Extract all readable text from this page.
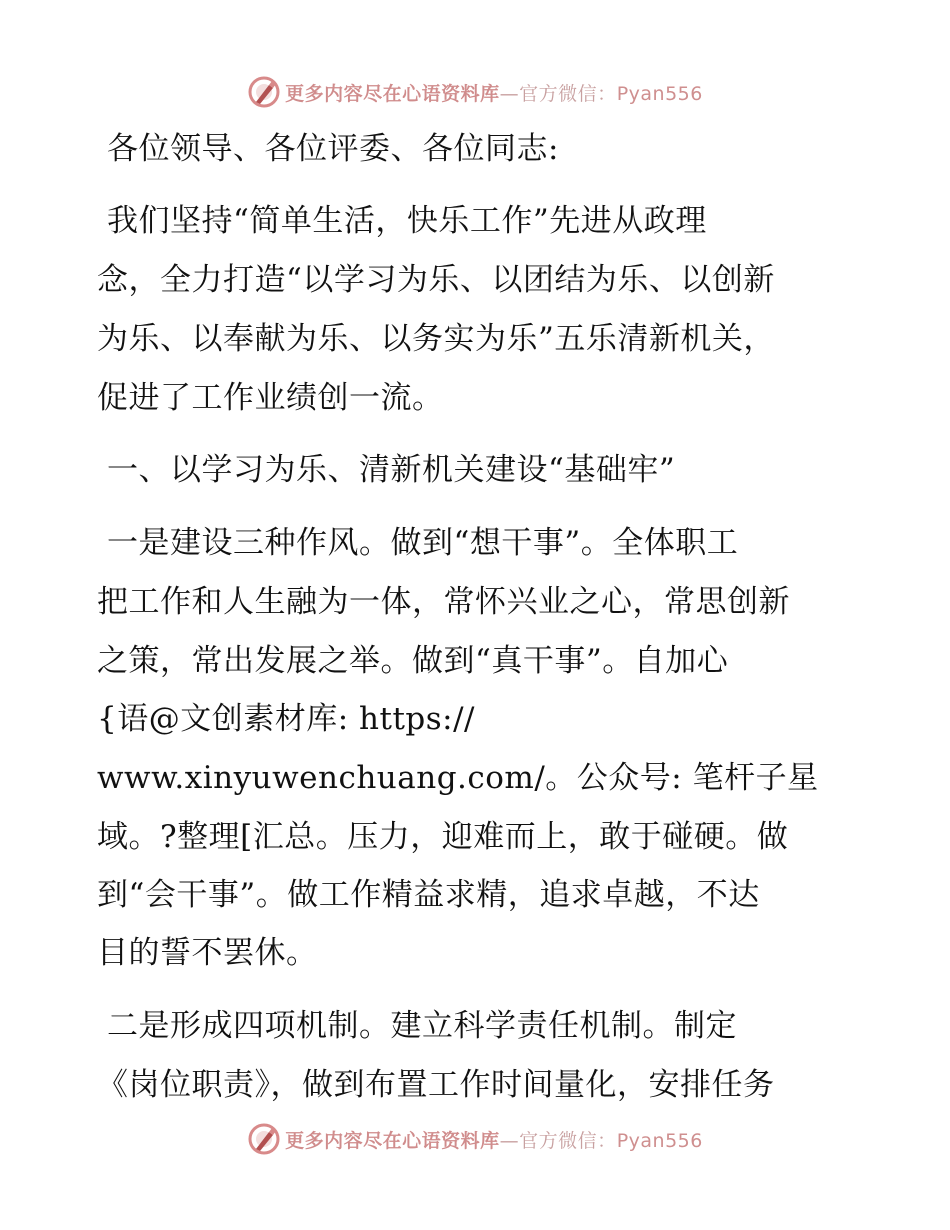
更多内容尽在心语资料库—官方微信：Pyan556
各位领导、各位评委、各位同志:
我们坚持“简单生活，快乐工作”先进从政理
念，全力打造“以学习为乐、以团结为乐、以创新
为乐、以奉献为乐、以务实为乐”五乐清新机关，
促进了工作业绩创一流。
一、以学习为乐、清新机关建设“基础牢”
一是建设三种作风。做到“想干事”。全体职工
把工作和人生融为一体，常怀兴业之心，常思创新
之策，常出发展之举。做到“真干事”。自加心
{语@文创素材库: https://
www.xinyuwenchuang.com/。公众号: 笔杆子星
域。?整理[汇总。压力，迎难而上，敢于碰硬。做
到“会干事”。做工作精益求精，追求卓越，不达
目的誓不罢休。
二是形成四项机制。建立科学责任机制。制定
《岗位职责》，做到布置工作时间量化，安排任务
更多内容尽在心语资料库—官方微信：Pyan556
